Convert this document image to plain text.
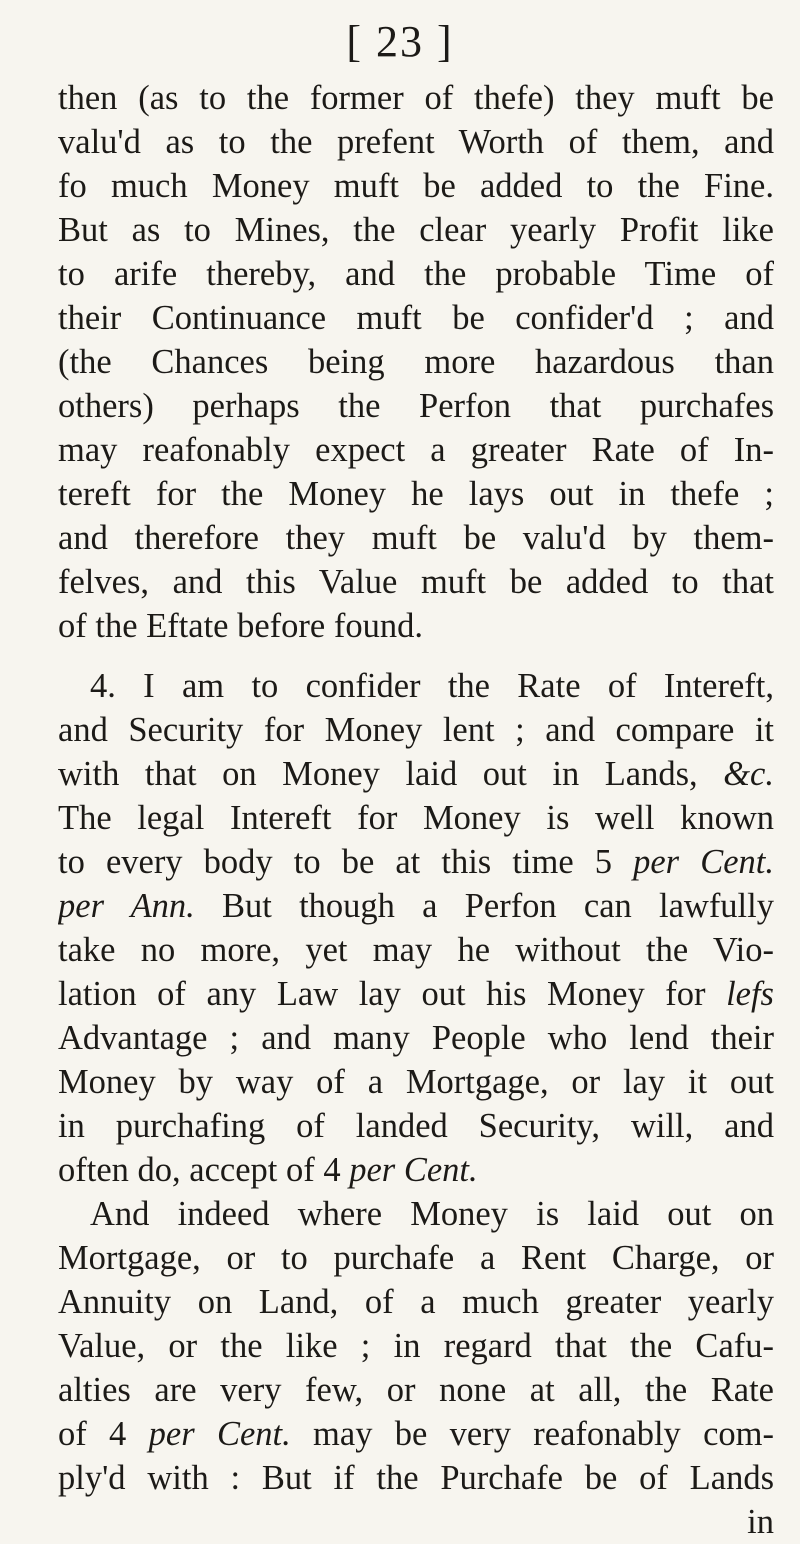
[ 23 ]
then (as to the former of thefe) they muft be
valu'd as to the prefent Worth of them, and
fo much Money muft be added to the Fine.
But as to Mines, the clear yearly Profit like
to arife thereby, and the probable Time of
their Continuance muft be confider'd ; and
(the Chances being more hazardous than
others) perhaps the Perfon that purchafes
may reafonably expect a greater Rate of In-
tereft for the Money he lays out in thefe ;
and therefore they muft be valu'd by them-
felves, and this Value muft be added to that
of the Eftate before found.
4. I am to confider the Rate of Intereft,
and Security for Money lent ; and compare it
with that on Money laid out in Lands, &c.
The legal Intereft for Money is well known
to every body to be at this time 5 per Cent.
per Ann. But though a Perfon can lawfully
take no more, yet may he without the Vio-
lation of any Law lay out his Money for lefs
Advantage ; and many People who lend their
Money by way of a Mortgage, or lay it out
in purchafing of landed Security, will, and
often do, accept of 4 per Cent.
And indeed where Money is laid out on
Mortgage, or to purchafe a Rent Charge, or
Annuity on Land, of a much greater yearly
Value, or the like ; in regard that the Cafu-
alties are very few, or none at all, the Rate
of 4 per Cent. may be very reafonably com-
ply'd with : But if the Purchafe be of Lands
in
